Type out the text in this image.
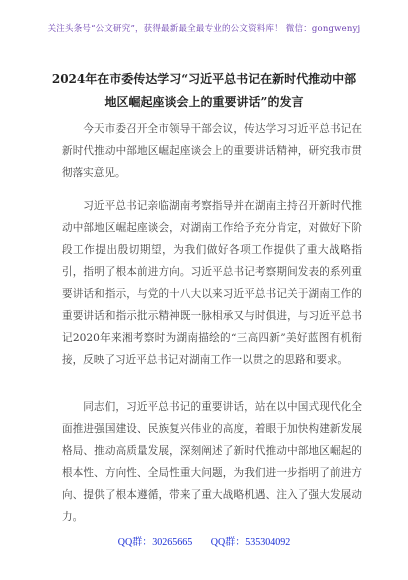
关注头条号“公文研究”，获得最新最全最专业的公文资料库！ 微信：gongwenyj
2024年在市委传达学习“习近平总书记在新时代推动中部
地区崛起座谈会上的重要讲话”的发言

今天市委召开全市领导干部会议，传达学习习近平总书记在新时代推动中部地区崛起座谈会上的重要讲话精神，研究我市贯彻落实意见。

习近平总书记亲临湖南考察指导并在湖南主持召开新时代推动中部地区崛起座谈会，对湖南工作给予充分肯定，对做好下阶段工作提出殷切期望，为我们做好各项工作提供了重大战略指引，指明了根本前进方向。习近平总书记考察期间发表的系列重要讲话和指示，与党的十八大以来习近平总书记关于湖南工作的重要讲话和指示批示精神既一脉相承又与时俱进，与习近平总书记2020年来湘考察时为湖南描绘的“三高四新”美好蓝图有机衔接，反映了习近平总书记对湖南工作一以贯之的思路和要求。

同志们，习近平总书记的重要讲话，站在以中国式现代化全面推进强国建设、民族复兴伟业的高度，着眼于加快构建新发展格局、推动高质量发展，深刻阐述了新时代推动中部地区崛起的根本性、方向性、全局性重大问题，为我们进一步指明了前进方向、提供了根本遵循，带来了重大战略机遇、注入了强大发展动力。

QQ群：30265665 QQ群：535304092
